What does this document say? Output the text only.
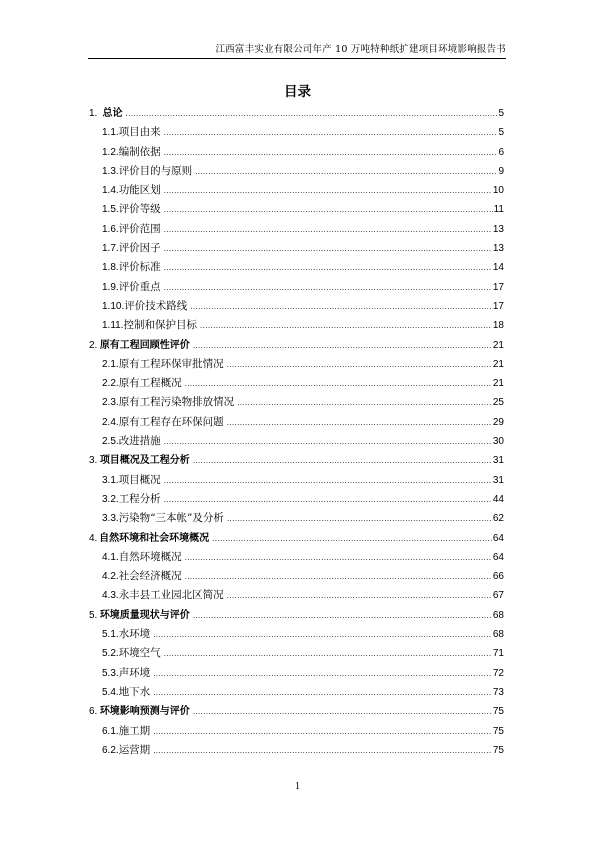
江西富丰实业有限公司年产 10 万吨特种纸扩建项目环境影响报告书
目录
1. 总论 .....	5
1.1. 项目由来 .....	5
1.2. 编制依据 .....	6
1.3. 评价目的与原则 .....	9
1.4. 功能区划 .....	10
1.5. 评价等级 .....	11
1.6. 评价范围 .....	13
1.7. 评价因子 .....	13
1.8. 评价标准 .....	14
1.9. 评价重点 .....	17
1.10. 评价技术路线 .....	17
1.11. 控制和保护目标 .....	18
2. 原有工程回顾性评价 .....	21
2.1. 原有工程环保审批情况 .....	21
2.2. 原有工程概况 .....	21
2.3. 原有工程污染物排放情况 .....	25
2.4. 原有工程存在环保问题 .....	29
2.5. 改进措施 .....	30
3. 项目概况及工程分析 .....	31
3.1. 项目概况 .....	31
3.2. 工程分析 .....	44
3.3. 污染物“三本帐”及分析 .....	62
4. 自然环境和社会环境概况 .....	64
4.1. 自然环境概况 .....	64
4.2. 社会经济概况 .....	66
4.3. 永丰县工业园北区简况 .....	67
5. 环境质量现状与评价 .....	68
5.1. 水环境 .....	68
5.2. 环境空气 .....	71
5.3. 声环境 .....	72
5.4. 地下水 .....	73
6. 环境影响预测与评价 .....	75
6.1. 施工期 .....	75
6.2. 运营期 .....	75
1
